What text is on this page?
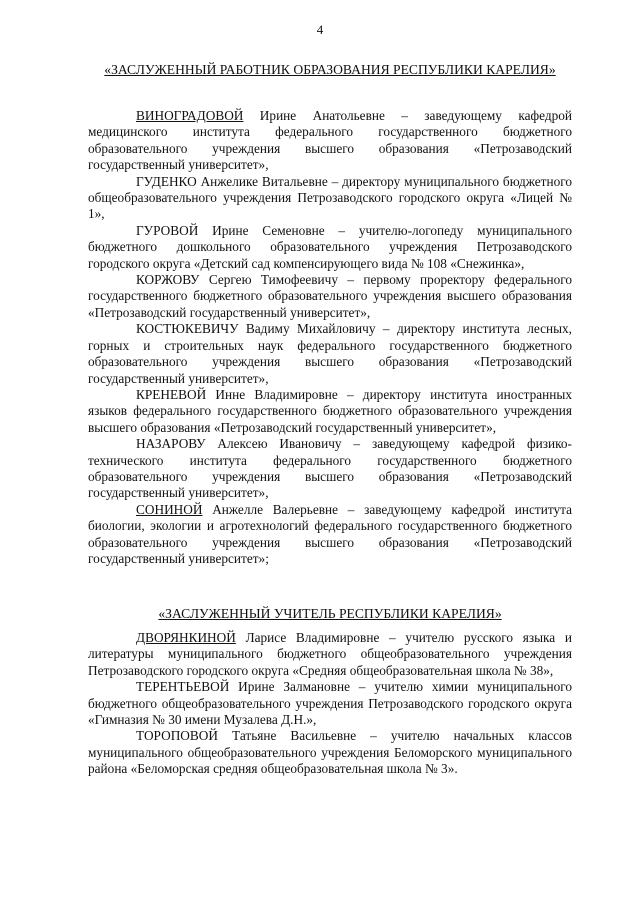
4
«ЗАСЛУЖЕННЫЙ РАБОТНИК ОБРАЗОВАНИЯ РЕСПУБЛИКИ КАРЕЛИЯ»

ВИНОГРАДОВОЙ Ирине Анатольевне – заведующему кафедрой медицинского института федерального государственного бюджетного образовательного учреждения высшего образования «Петрозаводский государственный университет»,

ГУДЕНКО Анжелике Витальевне – директору муниципального бюджетного общеобразовательного учреждения Петрозаводского городского округа «Лицей № 1»,

ГУРОВОЙ Ирине Семеновне – учителю-логопеду муниципального бюджетного дошкольного образовательного учреждения Петрозаводского городского округа «Детский сад компенсирующего вида № 108 «Снежинка»,

КОРЖОВУ Сергею Тимофеевичу – первому проректору федерального государственного бюджетного образовательного учреждения высшего образования «Петрозаводский государственный университет»,

КОСТЮКЕВИЧУ Вадиму Михайловичу – директору института лесных, горных и строительных наук федерального государственного бюджетного образовательного учреждения высшего образования «Петрозаводский государственный университет»,

КРЕНЕВОЙ Инне Владимировне – директору института иностранных языков федерального государственного бюджетного образовательного учреждения высшего образования «Петрозаводский государственный университет»,

НАЗАРОВУ Алексею Ивановичу – заведующему кафедрой физико-технического института федерального государственного бюджетного образовательного учреждения высшего образования «Петрозаводский государственный университет»,

СОНИНОЙ Анжелле Валерьевне – заведующему кафедрой института биологии, экологии и агротехнологий федерального государственного бюджетного образовательного учреждения высшего образования «Петрозаводский государственный университет»;

«ЗАСЛУЖЕННЫЙ УЧИТЕЛЬ РЕСПУБЛИКИ КАРЕЛИЯ»

ДВОРЯНКИНОЙ Ларисе Владимировне – учителю русского языка и литературы муниципального бюджетного общеобразовательного учреждения Петрозаводского городского округа «Средняя общеобразовательная школа № 38»,

ТЕРЕНТЬЕВОЙ Ирине Залмановне – учителю химии муниципального бюджетного общеобразовательного учреждения Петрозаводского городского округа «Гимназия № 30 имени Музалева Д.Н.»,

ТОРОПОВОЙ Татьяне Васильевне – учителю начальных классов муниципального общеобразовательного учреждения Беломорского муниципального района «Беломорская средняя общеобразовательная школа № 3».
